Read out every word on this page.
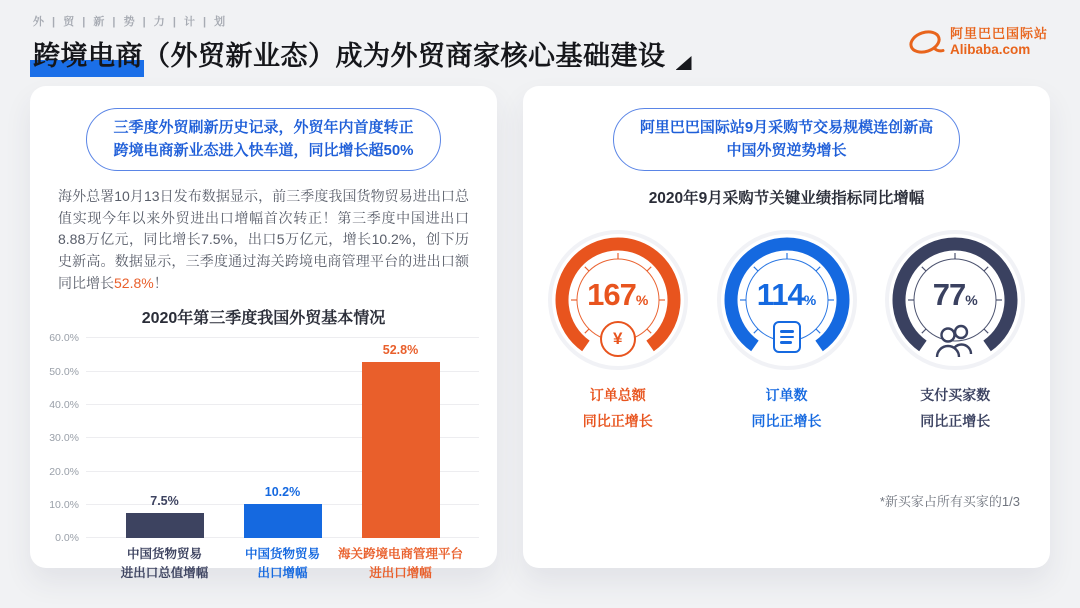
外 | 贸 | 新 | 势 | 力 | 计 | 划
跨境电商（外贸新业态）成为外贸商家核心基础建设
阿里巴巴国际站
Alibaba.com
三季度外贸刷新历史记录，外贸年内首度转正
跨境电商新业态进入快车道，同比增长超50%
海外总署10月13日发布数据显示，前三季度我国货物贸易进出口总值实现今年以来外贸进出口增幅首次转正！第三季度中国进出口8.88万亿元，同比增长7.5%，出口5万亿元，增长10.2%，创下历史新高。数据显示，三季度通过海关跨境电商管理平台的进出口额同比增长52.8%！
2020年第三季度我国外贸基本情况
0.0%
10.0%
20.0%
30.0%
40.0%
50.0%
60.0%
7.5%
10.2%
52.8%
中国货物贸易
进出口总值增幅
中国货物贸易
出口增幅
海关跨境电商管理平台
进出口增幅
阿里巴巴国际站9月采购节交易规模连创新高
中国外贸逆势增长
2020年9月采购节关键业绩指标同比增幅
167%
¥
订单总额
同比正增长
114%
订单数
同比正增长
77%
支付买家数
同比正增长
*新买家占所有买家的1/3
